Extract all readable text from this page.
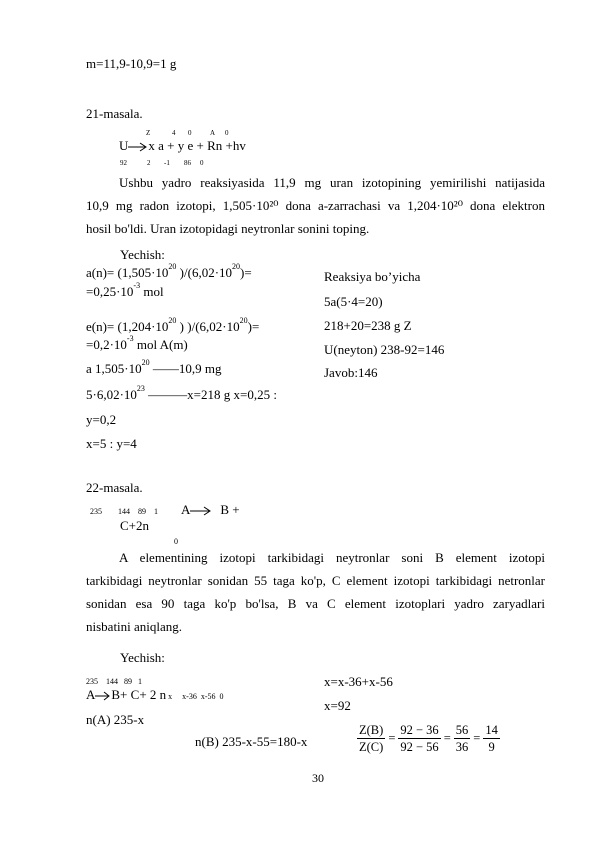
m=11,9-10,9=1 g
21-masala.
Z	4 0	A 0
U→x a + y e + Rn +hv
92	2 -1 86 0
Ushbu yadro reaksiyasida 11,9 mg uran izotopining yemirilishi natijasida
10,9 mg radon izotopi, 1,505·10²⁰ dona a-zarrachasi va 1,204·10²⁰ dona elektron
hosil bo'ldi. Uran izotopidagi neytronlar sonini toping.
Yechish:
$a(n)= (1,505\cdot 10^{20}$ )$/(6,02\cdot 10^{20})=$
$=0,25\cdot 10^{-3}$ mol
$e(n)= (1,204\cdot 10^{20}$ ) )$/(6,02\cdot 10^{20})=$
$=0,2\cdot 10^{-3}$ mol A(m)
a $1,505\cdot 10^{20}$ ——10,9 mg
$5\cdot 6,02\cdot 10^{23}$ ———x=218 g x=0,25 :
y=0,2
x=5 : y=4
Reaksiya bo’yicha
5a(5·4=20)
218+20=238 g Z
U(neyton) 238-92=146
Javob:146
22-masala.
235        144    89    1 A→ B +
C+2n
0
A elementining izotopi tarkibidagi neytronlar soni B element izotopi
tarkibidagi neytronlar sonidan 55 taga ko'p, C element izotopi tarkibidagi netronlar
sonidan esa 90 taga ko'p bo'lsa, B va C element izotoplari yadro zaryadlari
nisbatini aniqlang.
Yechish:
235    144   89   1
A→B+ C+ 2 n x     x-36  x-56  0
n(A) 235-x
n(B) 235-x-55=180-x
x=x-36+x-56
x=92
$\frac{Z(B)}{Z(C)} = \frac{92 - 36}{92 - 56} = \frac{56}{36} = \frac{14}{9}$
30
